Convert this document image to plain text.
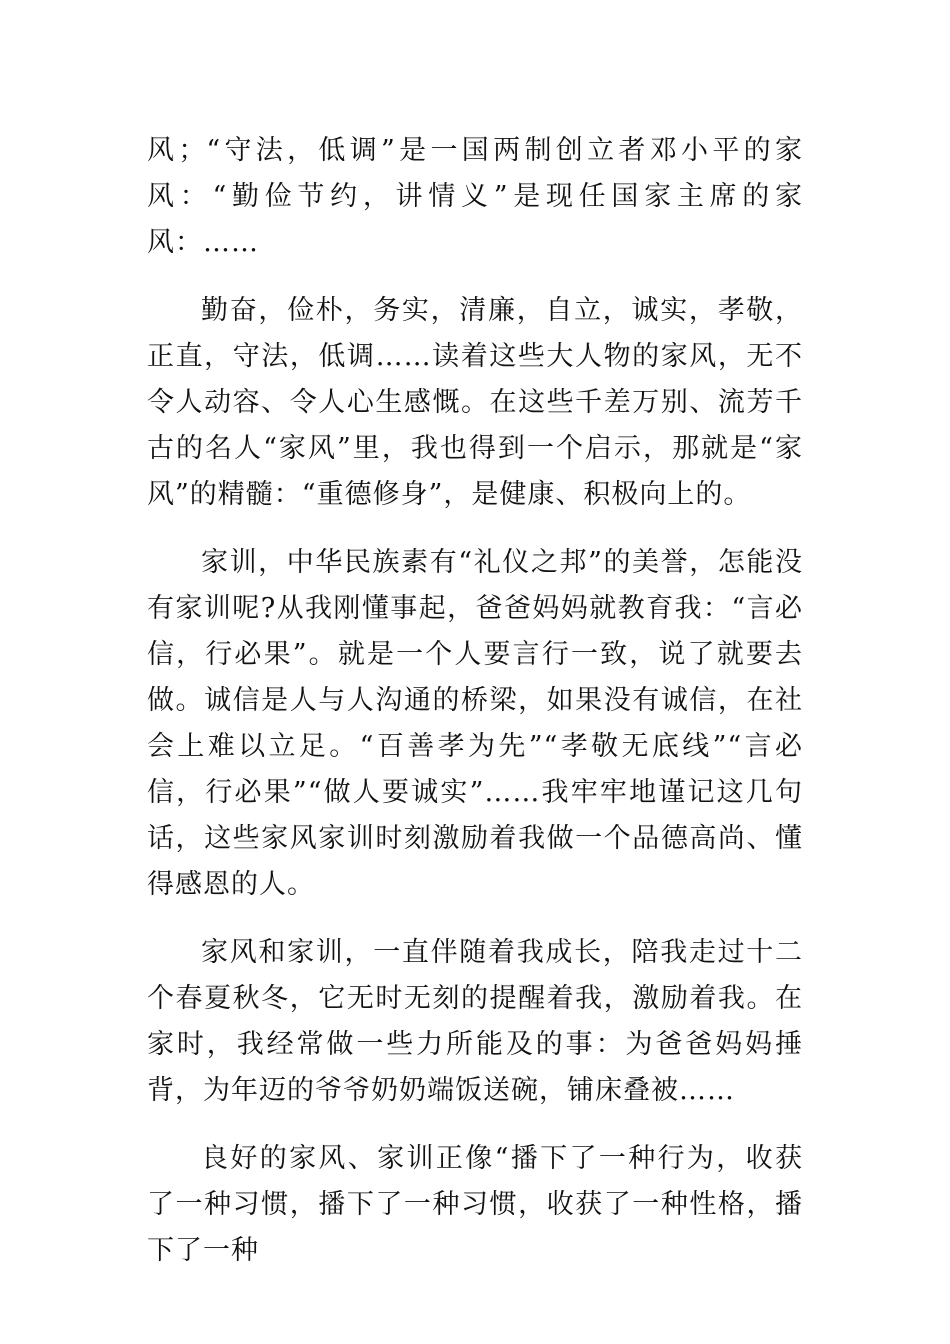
风；“守法，低调”是一国两制创立者邓小平的家风：“勤俭节约，讲情义”是现任国家主席的家风：……

勤奋，俭朴，务实，清廉，自立，诚实，孝敬，正直，守法，低调……读着这些大人物的家风，无不令人动容、令人心生感慨。在这些千差万别、流芳千古的名人“家风”里，我也得到一个启示，那就是“家风”的精髓：“重德修身”，是健康、积极向上的。

家训，中华民族素有“礼仪之邦”的美誉，怎能没有家训呢?从我刚懂事起，爸爸妈妈就教育我：“言必信，行必果”。就是一个人要言行一致，说了就要去做。诚信是人与人沟通的桥梁，如果没有诚信，在社会上难以立足。“百善孝为先”“孝敬无底线”“言必信，行必果”“做人要诚实”……我牢牢地谨记这几句话，这些家风家训时刻激励着我做一个品德高尚、懂得感恩的人。

家风和家训，一直伴随着我成长，陪我走过十二个春夏秋冬，它无时无刻的提醒着我，激励着我。在家时，我经常做一些力所能及的事：为爸爸妈妈捶背，为年迈的爷爷奶奶端饭送碗，铺床叠被……

良好的家风、家训正像“播下了一种行为，收获了一种习惯，播下了一种习惯，收获了一种性格，播下了一种
